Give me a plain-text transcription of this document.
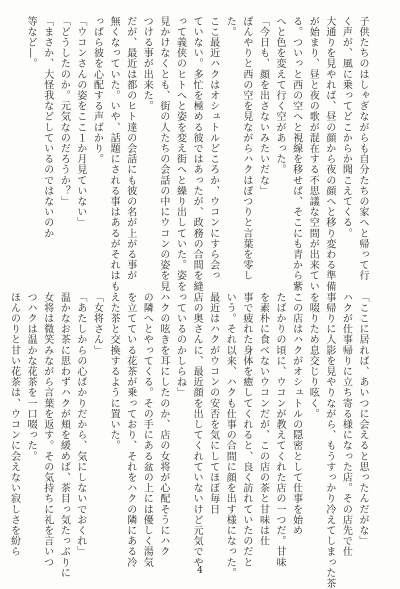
子供たちのはしゃぎながらも自分たちの家へと帰って行

く声が、風に乗ってどこからか聞こえてくる。

大通りを見やれば、昼の顔から夜の顔へと移り変わる準備

が始まり、昼と夜の歌が混在する不思議な空間が出来てい

る。ついっと西の空へと視線を移せば、そこにも青から紫

へと色を変えて行く空があった。

「今日も、顔を出さないみたいだな」

ぽんやりと西の空を見ながらハクはぽつりと言葉を零し

た。

ここ最近ハクはオシュトルどころか、ウコンにすら会っ

ていない。多忙を極める彼ではあったが、政務の合間を縫

って義侠のヒトへと姿を変え街へと繰り出していた。姿を

見かけなくとも、街の人たちの会話の中にウコンの姿を見

つける事が出来た。

だが、最近は都のヒト達の会話にも彼の名が上がる事が

無くなっていた。いや、話題にされる事はあるがそれはも

っぱら彼を心配する声ばかり。

「ウコンさんの姿をここ１か月見ていない」

「どうしたのか。元気なのだろうか？」

「まさか、大怪我などしているのではないのか

等など―。

「ここに居れば、あいつに会えると思ったんだがな」

ハクが仕事帰りに立ち寄る様になった店。その店先で仕

事帰りに人影を見やりながら、もうすっかり冷えてしまった茶

を啜りため息交じり呟く。

この店はハクがオシュトルの隠密として仕事を始め

たばかりの頃に、ウコンが教えてくれた店の一つだ。甘味

を素朴に食べないウコンだが、この店の茶と甘味は仕

事で疲れた身体を癒してくれると、良く訪れていたのだと

いう。それ以来、ハクも仕事の合間に顔を出す様になった。

最近はハクがウコンの安否を気にしてほぼ毎日

店の奥さんに、最近顔を出してくれていないけど元気でや

っているのかしらね」

ハクの呟きを耳にしたのか、店の女将が心配そうにハク

の隣へとやってくる。その手にある盆の上には優しく湯気

を立てている花茶が乗っており、それをハクの隣にある冷

えた茶と交換するように置いた。

「女将さん」

「あたしからの心ばかりだから、気にしないでおくれ」

温かなお茶に思わずハクが頬を緩めば、茶目っ気たっぷりに

女将は微笑みながら言葉を返す。その気持ちに礼を言いつ

つハクは温かな花茶を一口啜った。

ほんのりと甘い花茶は、ウコンに会えない寂しさを紛ら

4
